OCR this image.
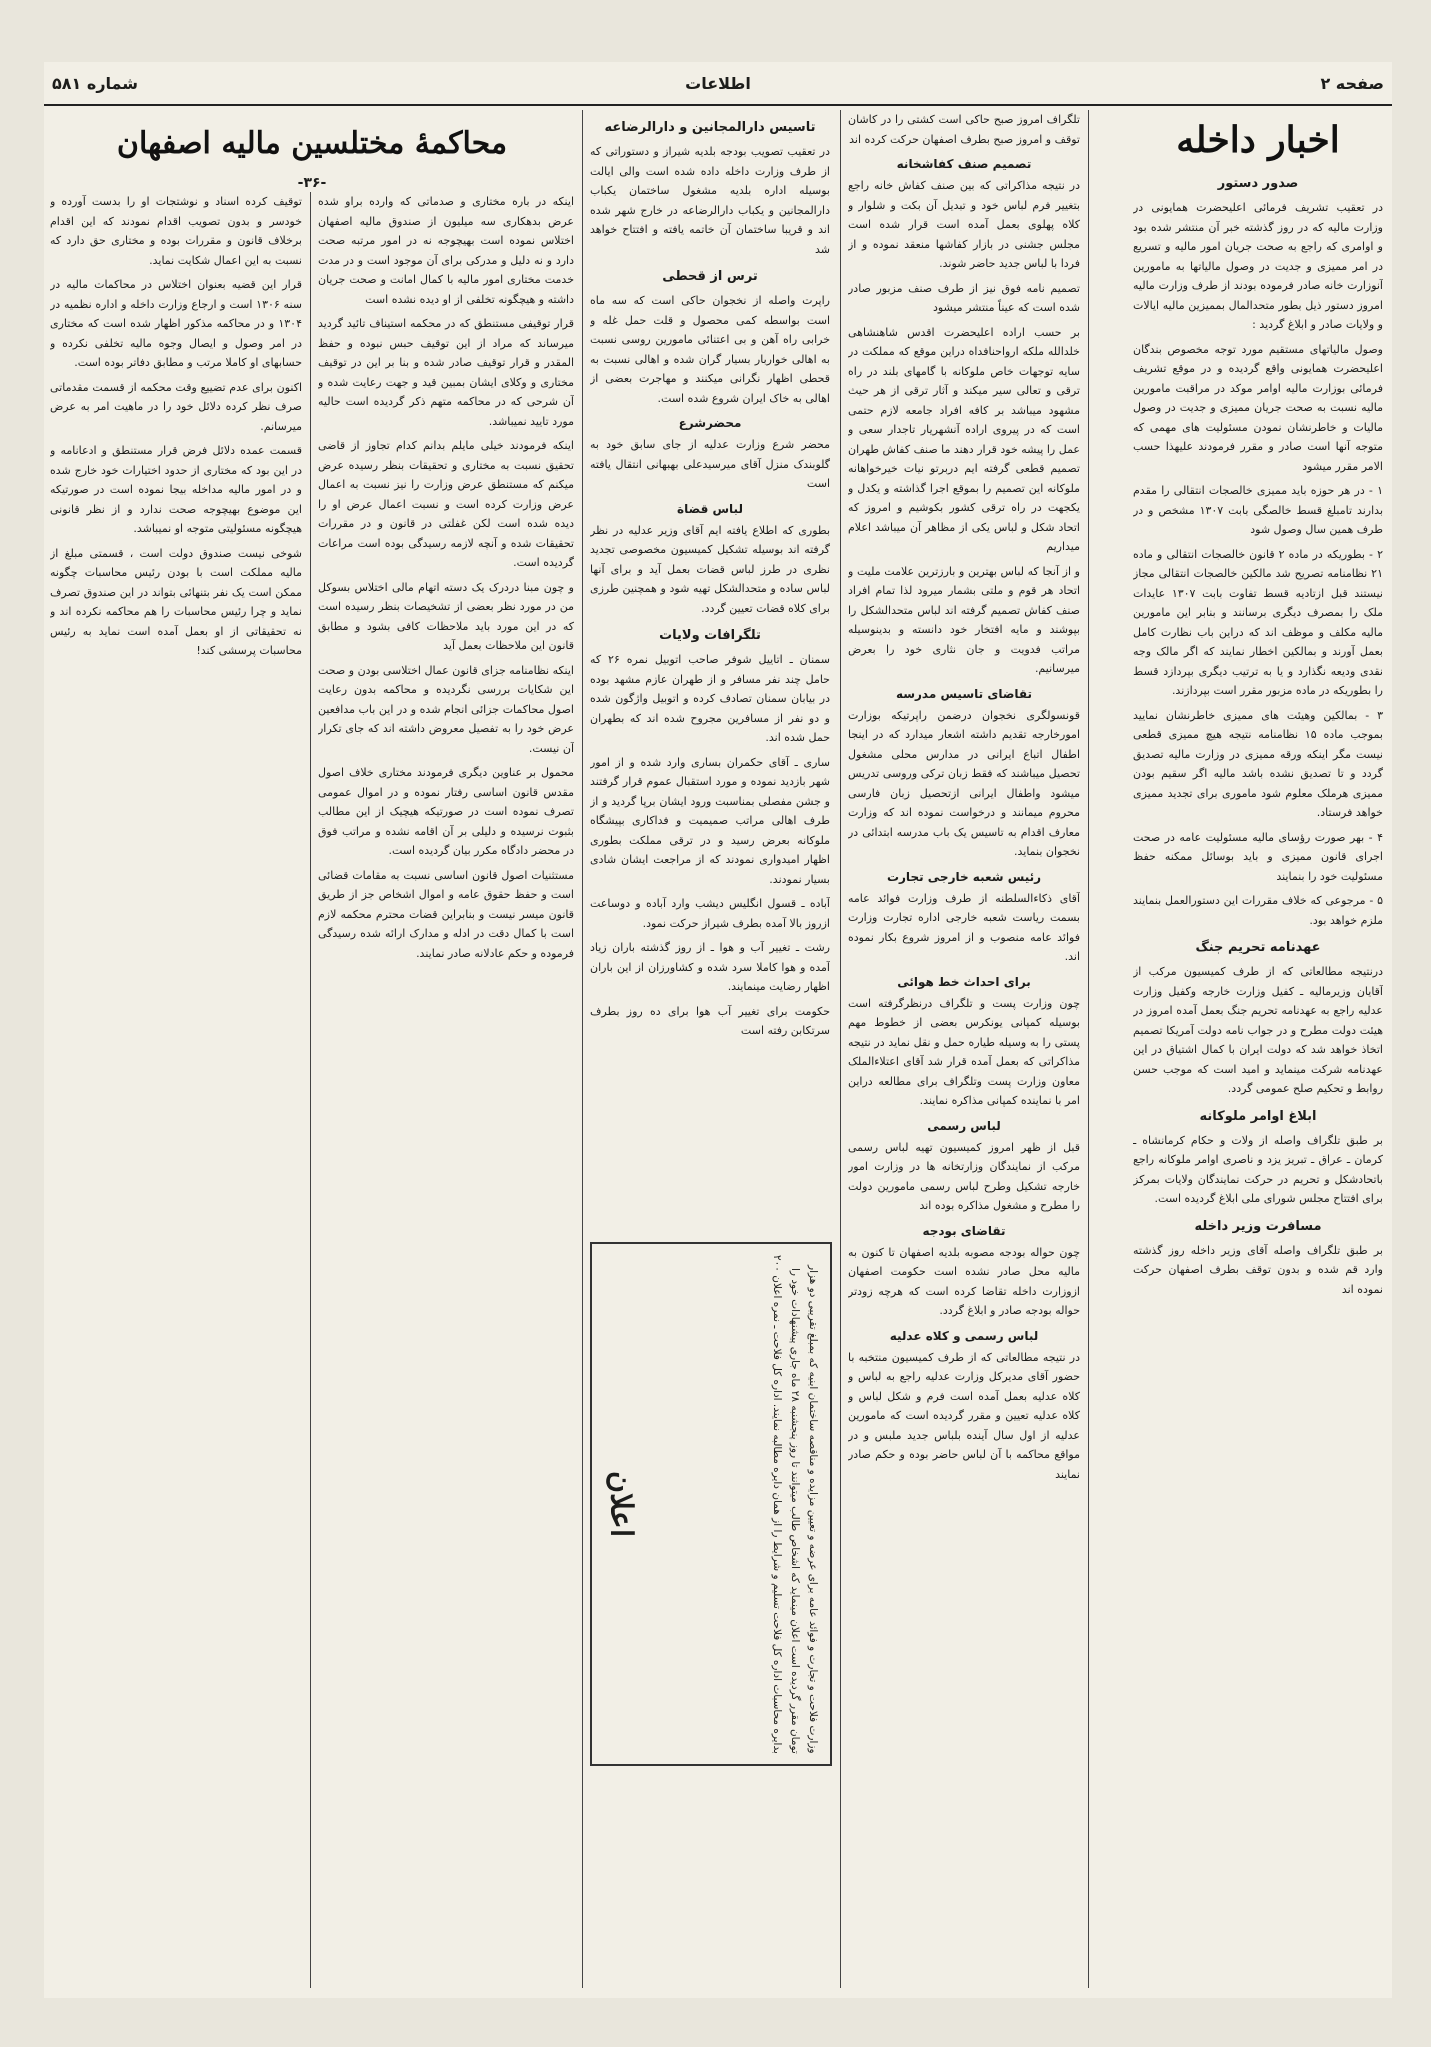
صفحه ۲
اطلاعات
شماره ۵۸۱
اخبار داخله
صدور دستور

در تعقیب تشریف فرمائی اعلیحضرت همایونی در وزارت مالیه که در روز گذشته خبر آن منتشر شده بود و اوامری که راجع به صحت جریان امور مالیه و تسریع در امر ممیزی و جدیت در وصول مالیاتها به مامورین آنوزارت خانه صادر فرموده بودند از طرف وزارت مالیه امروز دستور ذیل بطور متحدالمال بممیزین مالیه ایالات و ولایات صادر و ابلاغ گردید :

وصول مالیاتهای مستقیم مورد توجه مخصوص بندگان اعلیحضرت همایونی واقع گردیده و در موقع تشریف فرمائی بوزارت مالیه اوامر موکد در مراقبت مامورین مالیه نسبت به صحت جریان ممیزی و جدیت در وصول مالیات و خاطرنشان نمودن مسئولیت های مهمی که متوجه آنها است صادر و مقرر فرمودند علیهذا حسب الامر مقرر میشود

۱ - در هر حوزه باید ممیزی خالصجات انتقالی را مقدم بدارند تامبلغ قسط خالصگی بابت ۱۳۰۷ مشخص و در طرف همین سال وصول شود

۲ - بطوریکه در ماده ۲ قانون خالصجات انتقالی و ماده ۲۱ نظامنامه تصریح شد مالکین خالصجات انتقالی مجاز نیستند قبل ازتادیه قسط تفاوت بابت ۱۳۰۷ عایدات ملک را بمصرف دیگری برسانند و بنابر این مامورین مالیه مکلف و موظف اند که دراین باب نظارت کامل بعمل آورند و بمالکین اخطار نمایند که اگر مالک وجه نقدی ودیعه نگذارد و یا به ترتیب دیگری بپردازد قسط را بطوریکه در ماده مزبور مقرر است بپردازند.

۳ - بمالکین وهیئت های ممیزی خاطرنشان نمایید بموجب ماده ۱۵ نظامنامه نتیجه هیچ ممیزی قطعی نیست مگر اینکه ورقه ممیزی در وزارت مالیه تصدیق گردد و تا تصدیق نشده باشد مالیه اگر سقیم بودن ممیزی هرملک معلوم شود ماموری برای تجدید ممیزی خواهد فرستاد.

۴ - بهر صورت رؤسای مالیه مسئولیت عامه در صحت اجرای قانون ممیزی و باید بوسائل ممکنه حفظ مسئولیت خود را بنمایند

۵ - مرجوعی که خلاف مقررات این دستورالعمل بنمایند ملزم خواهد بود.

عهدنامه تحریم جنگ

درنتیجه مطالعاتی که از طرف کمیسیون مرکب از آقایان وزیرمالیه ـ کفیل وزارت خارجه وکفیل وزارت عدلیه راجع به عهدنامه تحریم جنگ بعمل آمده امروز در هیئت دولت مطرح و در جواب نامه دولت آمریکا تصمیم اتخاذ خواهد شد که دولت ایران با کمال اشتیاق در این عهدنامه شرکت مینماید و امید است که موجب حسن روابط و تحکیم صلح عمومی گردد.

ابلاغ اوامر ملوکانه

بر طبق تلگراف واصله از ولات و حکام کرمانشاه ـ کرمان ـ عراق ـ تبریز یزد و ناصری اوامر ملوکانه راجع باتحادشکل و تحریم در حرکت نمایندگان ولایات بمرکز برای افتتاح مجلس شورای ملی ابلاغ گردیده است.

مسافرت وزیر داخله

بر طبق تلگراف واصله آقای وزیر داخله روز گذشته وارد قم شده و بدون توقف بطرف اصفهان حرکت نموده اند

تلگراف امروز صبح حاکی است کشتی را در کاشان توقف و امروز صبح بطرف اصفهان حرکت کرده اند

تصمیم صنف کفاشخانه

در نتیجه مذاکراتی که بین صنف کفاش خانه راجع بتغییر فرم لباس خود و تبدیل آن بکت و شلوار و کلاه پهلوی بعمل آمده است قرار شده است مجلس جشنی در بازار کفاشها منعقد نموده و از فردا با لباس جدید حاضر شوند.

تصمیم نامه فوق نیز از طرف صنف مزبور صادر شده است که عیناً منتشر میشود

بر حسب اراده اعلیحضرت اقدس شاهنشاهی خلدالله ملکه ارواحنافداه دراین موقع که مملکت در سایه توجهات خاص ملوکانه با گامهای بلند در راه ترقی و تعالی سیر میکند و آثار ترقی از هر حیث مشهود میباشد بر کافه افراد جامعه لازم حتمی است که در پیروی اراده آنشهریار تاجدار سعی و عمل را پیشه خود قرار دهند ما صنف کفاش طهران تصمیم قطعی گرفته ایم دربرتو نیات خیرخواهانه ملوکانه این تصمیم را بموقع اجرا گذاشته و یکدل و یکجهت در راه ترقی کشور بکوشیم و امروز که اتحاد شکل و لباس یکی از مظاهر آن میباشد اعلام میداریم

و از آنجا که لباس بهترین و بارزترین علامت ملیت و اتحاد هر قوم و ملتی بشمار میرود لذا تمام افراد صنف کفاش تصمیم گرفته اند لباس متحدالشکل را بپوشند و مایه افتخار خود دانسته و بدینوسیله مراتب فدویت و جان نثاری خود را بعرض میرسانیم.

تقاضای تاسیس مدرسه

قونسولگری نخجوان درضمن راپرتیکه بوزارت امورخارجه تقدیم داشته اشعار میدارد که در اینجا اطفال اتباع ایرانی در مدارس محلی مشغول تحصیل میباشند که فقط زبان ترکی وروسی تدریس میشود واطفال ایرانی ازتحصیل زبان فارسی محروم میمانند و درخواست نموده اند که وزارت معارف اقدام به تاسیس یک باب مدرسه ابتدائی در نخجوان بنماید.

رئیس شعبه خارجی تجارت

آقای ذکاءالسلطنه از طرف وزارت فوائد عامه بسمت ریاست شعبه خارجی اداره تجارت وزارت فوائد عامه منصوب و از امروز شروع بکار نموده اند.

برای احداث خط هوائی

چون وزارت پست و تلگراف درنظرگرفته است بوسیله کمپانی یونکرس بعضی از خطوط مهم پستی را به وسیله طیاره حمل و نقل نماید در نتیجه مذاکراتی که بعمل آمده قرار شد آقای اعتلاءالملک معاون وزارت پست وتلگراف برای مطالعه دراین امر با نماینده کمپانی مذاکره نمایند.

لباس رسمی

قبل از ظهر امروز کمیسیون تهیه لباس رسمی مرکب از نمایندگان وزارتخانه ها در وزارت امور خارجه تشکیل وطرح لباس رسمی مامورین دولت را مطرح و مشغول مذاکره بوده اند

تقاضای بودجه

چون حواله بودجه مصوبه بلدیه اصفهان تا کنون به مالیه محل صادر نشده است حکومت اصفهان ازوزارت داخله تقاضا کرده است که هرچه زودتر حواله بودجه صادر و ابلاغ گردد.

لباس رسمی و کلاه عدلیه

در نتیجه مطالعاتی که از طرف کمیسیون منتخبه با حضور آقای مدیرکل وزارت عدلیه راجع به لباس و کلاه عدلیه بعمل آمده است فرم و شکل لباس و کلاه عدلیه تعیین و مقرر گردیده است که مامورین عدلیه از اول سال آینده بلباس جدید ملبس و در مواقع محاکمه با آن لباس حاضر بوده و حکم صادر نمایند

تاسیس دارالمجانین و دارالرضاعه

در تعقیب تصویب بودجه بلدیه شیراز و دستوراتی که از طرف وزارت داخله داده شده است والی ایالت بوسیله اداره بلدیه مشغول ساختمان یکباب دارالمجانین و یکباب دارالرضاعه در خارج شهر شده اند و قریبا ساختمان آن خاتمه یافته و افتتاح خواهد شد

ترس از قحطی

راپرت واصله از نخجوان حاکی است که سه ماه است بواسطه کمی محصول و قلت حمل غله و خرابی راه آهن و بی اعتنائی مامورین روسی نسبت به اهالی خواربار بسیار گران شده و اهالی نسبت به قحطی اظهار نگرانی میکنند و مهاجرت بعضی از اهالی به خاک ایران شروع شده است.

محضرشرع

محضر شرع وزارت عدلیه از جای سابق خود به گلوبندک منزل آقای میرسیدعلی بهبهانی انتقال یافته است

لباس قضاة

بطوری که اطلاع یافته ایم آقای وزیر عدلیه در نظر گرفته اند بوسیله تشکیل کمیسیون مخصوصی تجدید نظری در طرز لباس قضات بعمل آید و برای آنها لباس ساده و متحدالشکل تهیه شود و همچنین طرزی برای کلاه قضات تعیین گردد.

تلگرافات ولایات

سمنان ـ اتاییل شوفر صاحب اتوبیل نمره ۲۶ که حامل چند نفر مسافر و از طهران عازم مشهد بوده در بیابان سمنان تصادف کرده و اتوبیل واژگون شده و دو نفر از مسافرین مجروح شده اند که بطهران حمل شده اند.

ساری ـ آقای حکمران بساری وارد شده و از امور شهر بازدید نموده و مورد استقبال عموم قرار گرفتند و جشن مفصلی بمناسبت ورود ایشان برپا گردید و از طرف اهالی مراتب صمیمیت و فداکاری بپیشگاه ملوکانه بعرض رسید و در ترقی مملکت بطوری اظهار امیدواری نمودند که از مراجعت ایشان شادی بسیار نمودند.

آباده ـ قسول انگلیس دیشب وارد آباده و دوساعت ازروز بالا آمده بطرف شیراز حرکت نمود.

رشت ـ تغییر آب و هوا ـ از روز گذشته باران زیاد آمده و هوا کاملا سرد شده و کشاورزان از این باران اظهار رضایت مینمایند.

حکومت برای تغییر آب هوا برای ده روز بطرف سرتکابن رفته است

اعلان	وزارت فلاحت و تجارت و فوائد عامه برای عرضه و تعیین مزایده و مناقصه ساختمان ابنیه که بمبلغ تقریبی دو هزار تومان مقرر گردیده است اعلان مینماید که اشخاص طالب میتوانند تا روز پنجشنبه ۲۸ ماه جاری پیشنهادات خود را بدایره محاسبات اداره کل فلاحت تسلیم و شرایط را از همان دایره مطالبه نمایند. اداره کل فلاحت ـ نمره اعلان ۲۰۰
محاکمهٔ مختلسین مالیه اصفهان
-۳۶-

اینکه در باره مختاری و صدماتی که وارده براو شده عرض بدهکاری سه میلیون از صندوق مالیه اصفهان اختلاس نموده است بهیچوجه نه در امور مرتبه صحت دارد و نه دلیل و مدرکی برای آن موجود است و در مدت خدمت مختاری امور مالیه با کمال امانت و صحت جریان داشته و هیچگونه تخلفی از او دیده نشده است

قرار توقیفی مستنطق که در محکمه استیناف تائید گردید میرساند که مراد از این توقیف حبس نبوده و حفظ المقدر و قرار توقیف صادر شده و بنا بر این در توقیف مختاری و وکلای ایشان بمبین قید و جهت رعایت شده و آن شرحی که در محاکمه متهم ذکر گردیده است حالیه مورد تایید نمیباشد.

اینکه فرمودند خیلی مایلم بدانم کدام تجاوز از قاضی تحقیق نسبت به مختاری و تحقیقات بنظر رسیده عرض میکنم که مستنطق عرض وزارت را نیز نسبت به اعمال عرض وزارت کرده است و نسبت اعمال عرض او را دیده شده است لکن غفلتی در قانون و در مقررات تحقیقات شده و آنچه لازمه رسیدگی بوده است مراعات گردیده است.

و چون مبنا دردرک یک دسته اتهام مالی اختلاس بسوکل من در مورد نظر بعضی از تشخیصات بنظر رسیده است که در این مورد باید ملاحظات کافی بشود و مطابق قانون این ملاحظات بعمل آید

اینکه نظامنامه جزای قانون عمال اختلاسی بودن و صحت این شکایات بررسی نگردیده و محاکمه بدون رعایت اصول محاکمات جزائی انجام شده و در این باب مدافعین عرض خود را به تفصیل معروض داشته اند که جای تکرار آن نیست.

محمول بر عناوین دیگری فرمودند مختاری خلاف اصول مقدس قانون اساسی رفتار نموده و در اموال عمومی تصرف نموده است در صورتیکه هیچیک از این مطالب بثبوت نرسیده و دلیلی بر آن اقامه نشده و مراتب فوق در محضر دادگاه مکرر بیان گردیده است.

مستثنیات اصول قانون اساسی نسبت به مقامات قضائی است و حفظ حقوق عامه و اموال اشخاص جز از طریق قانون میسر نیست و بنابراین قضات محترم محکمه لازم است با کمال دقت در ادله و مدارک ارائه شده رسیدگی فرموده و حکم عادلانه صادر نمایند.

توقیف کرده اسناد و نوشتجات او را بدست آورده و خودسر و بدون تصویب اقدام نمودند که این اقدام برخلاف قانون و مقررات بوده و مختاری حق دارد که نسبت به این اعمال شکایت نماید.

قرار این قضیه بعنوان اختلاس در محاکمات مالیه در سنه ۱۳۰۶ است و ارجاع وزارت داخله و اداره نظمیه در ۱۳۰۴ و در محاکمه مذکور اظهار شده است که مختاری در امر وصول و ایصال وجوه مالیه تخلفی نکرده و حسابهای او کاملا مرتب و مطابق دفاتر بوده است.

اکنون برای عدم تضییع وقت محکمه از قسمت مقدماتی صرف نظر کرده دلائل خود را در ماهیت امر به عرض میرسانم.

قسمت عمده دلائل فرض قرار مستنطق و ادعانامه و در این بود که مختاری از حدود اختیارات خود خارج شده و در امور مالیه مداخله بیجا نموده است در صورتیکه این موضوع بهیچوجه صحت ندارد و از نظر قانونی هیچگونه مسئولیتی متوجه او نمیباشد.

شوخی نیست صندوق دولت است ، قسمتی مبلغ از مالیه مملکت است با بودن رئیس محاسبات چگونه ممکن است یک نفر بتنهائی بتواند در این صندوق تصرف نماید و چرا رئیس محاسبات را هم محاکمه نکرده اند و نه تحقیقاتی از او بعمل آمده است نماید به رئیس محاسبات پرسشی کند!
